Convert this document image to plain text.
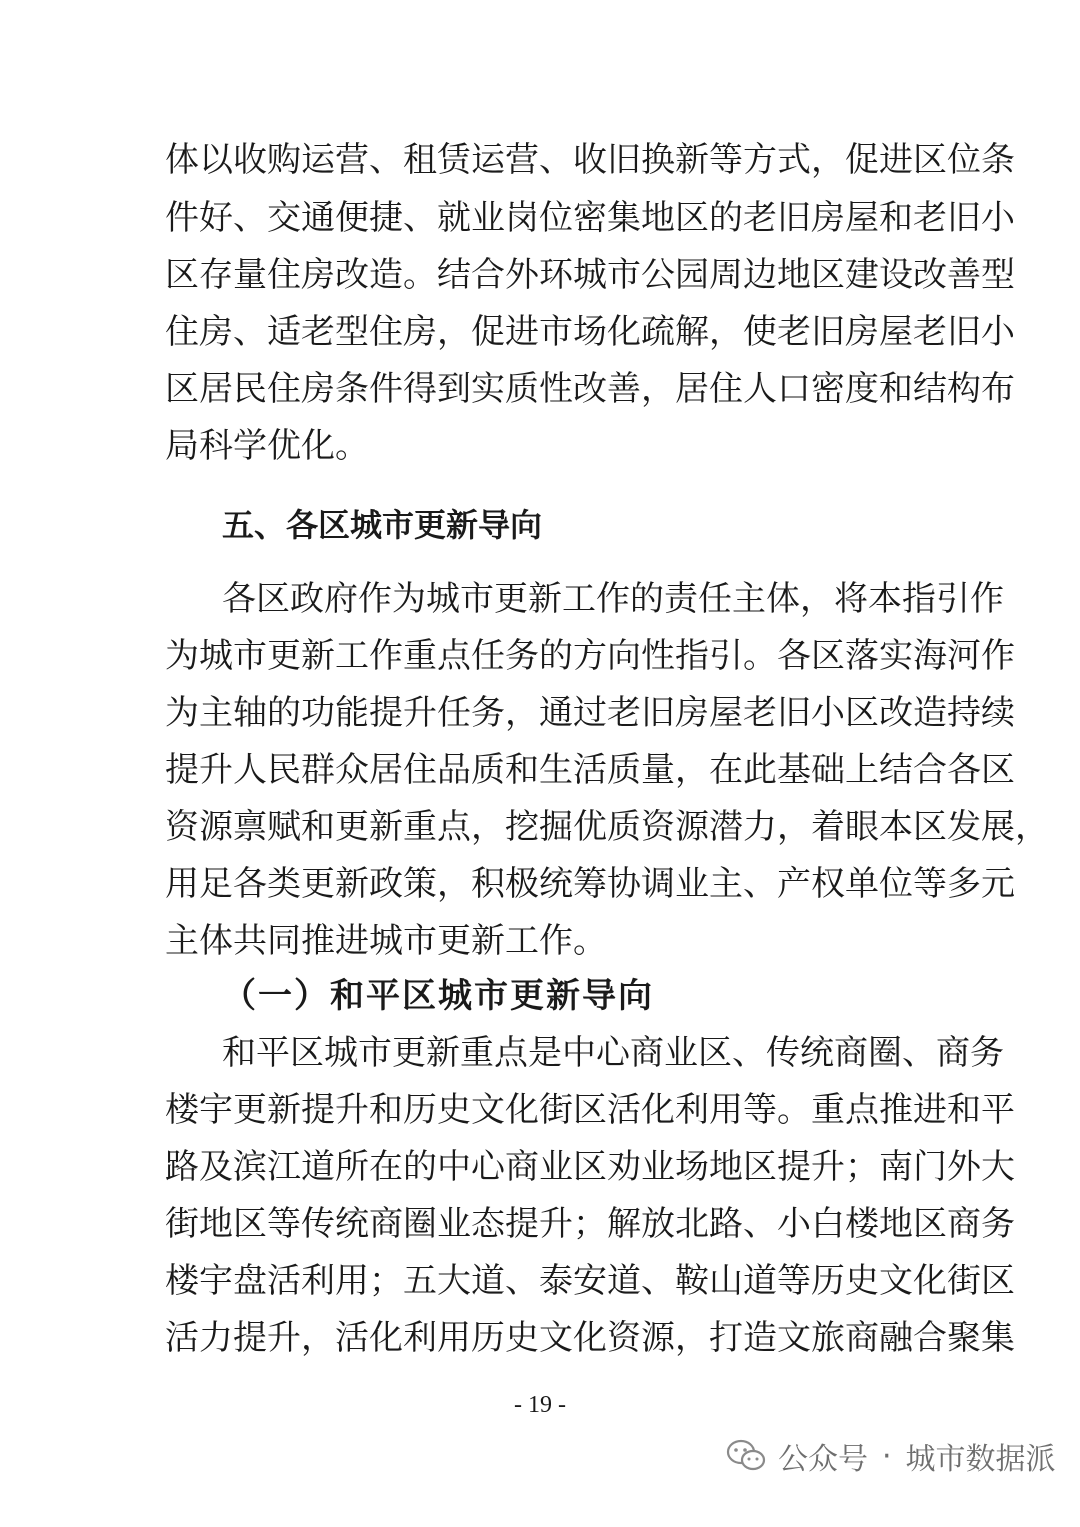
体以收购运营、租赁运营、收旧换新等方式，促进区位条
件好、交通便捷、就业岗位密集地区的老旧房屋和老旧小
区存量住房改造。结合外环城市公园周边地区建设改善型
住房、适老型住房，促进市场化疏解，使老旧房屋老旧小
区居民住房条件得到实质性改善，居住人口密度和结构布
局科学优化。
五、各区城市更新导向
各区政府作为城市更新工作的责任主体，将本指引作
为城市更新工作重点任务的方向性指引。各区落实海河作
为主轴的功能提升任务，通过老旧房屋老旧小区改造持续
提升人民群众居住品质和生活质量，在此基础上结合各区
资源禀赋和更新重点，挖掘优质资源潜力，着眼本区发展，
用足各类更新政策，积极统筹协调业主、产权单位等多元
主体共同推进城市更新工作。
（一）和平区城市更新导向
和平区城市更新重点是中心商业区、传统商圈、商务
楼宇更新提升和历史文化街区活化利用等。重点推进和平
路及滨江道所在的中心商业区劝业场地区提升；南门外大
街地区等传统商圈业态提升；解放北路、小白楼地区商务
楼宇盘活利用；五大道、泰安道、鞍山道等历史文化街区
活力提升，活化利用历史文化资源，打造文旅商融合聚集
- 19 -
公众号 · 城市数据派
